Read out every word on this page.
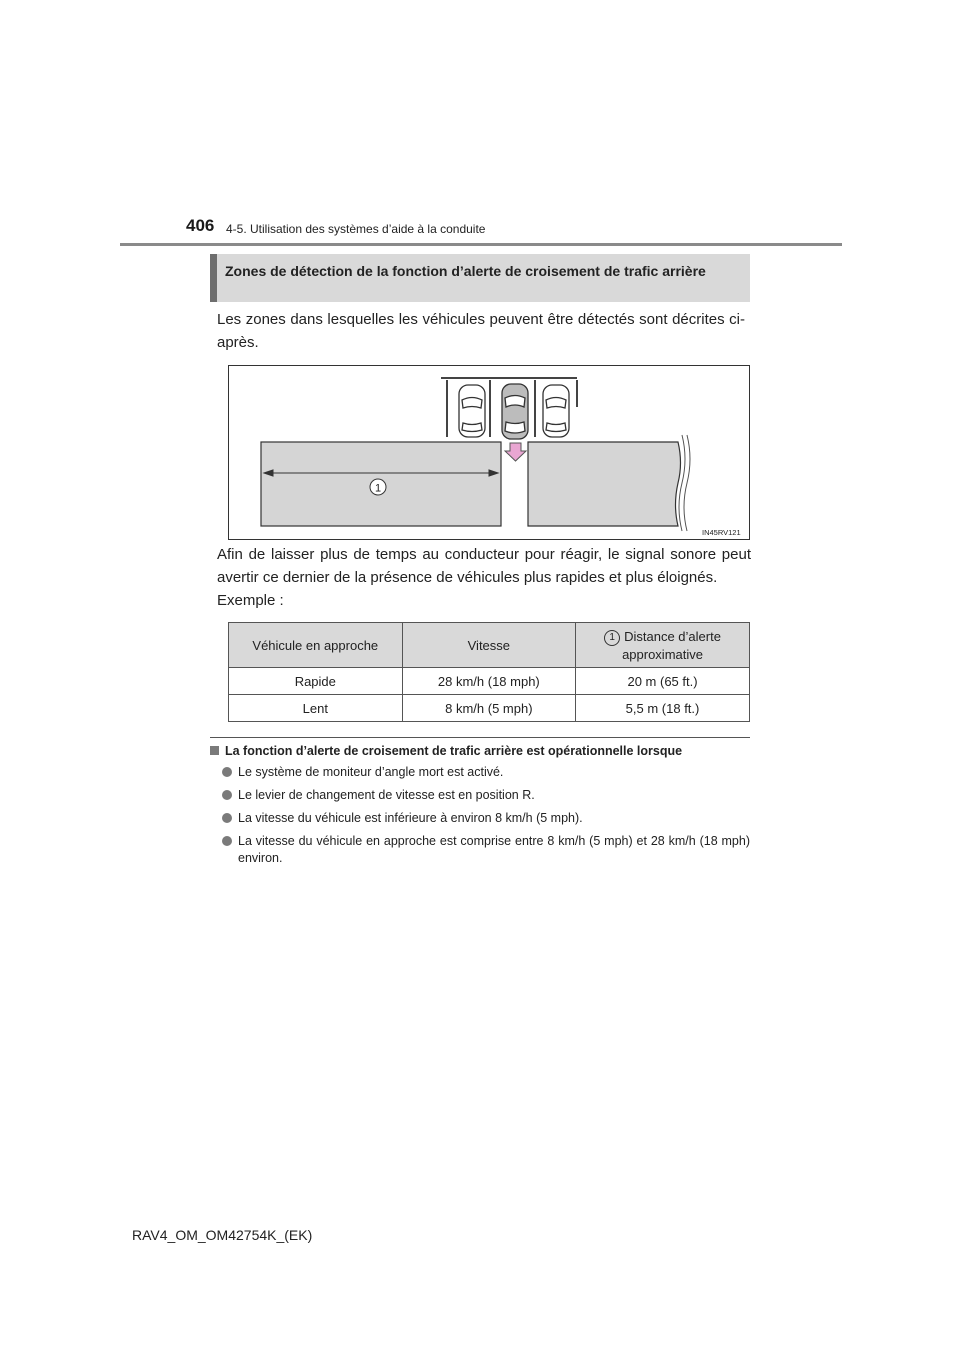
406 4-5. Utilisation des systèmes d’aide à la conduite
Zones de détection de la fonction d’alerte de croisement de trafic arrière
Les zones dans lesquelles les véhicules peuvent être détectés sont décrites ci-après.
1
IN45RV121
Afin de laisser plus de temps au conducteur pour réagir, le signal sonore peut avertir ce dernier de la présence de véhicules plus rapides et plus éloignés.
Exemple :
Véhicule en approche	Vitesse	1 Distance d’alerte approximative
Rapide	28 km/h (18 mph)	20 m (65 ft.)
Lent	8 km/h (5 mph)	5,5 m (18 ft.)
La fonction d’alerte de croisement de trafic arrière est opérationnelle lorsque
Le système de moniteur d’angle mort est activé.
Le levier de changement de vitesse est en position R.
La vitesse du véhicule est inférieure à environ 8 km/h (5 mph).
La vitesse du véhicule en approche est comprise entre 8 km/h (5 mph) et 28 km/h (18 mph) environ.
RAV4_OM_OM42754K_(EK)
